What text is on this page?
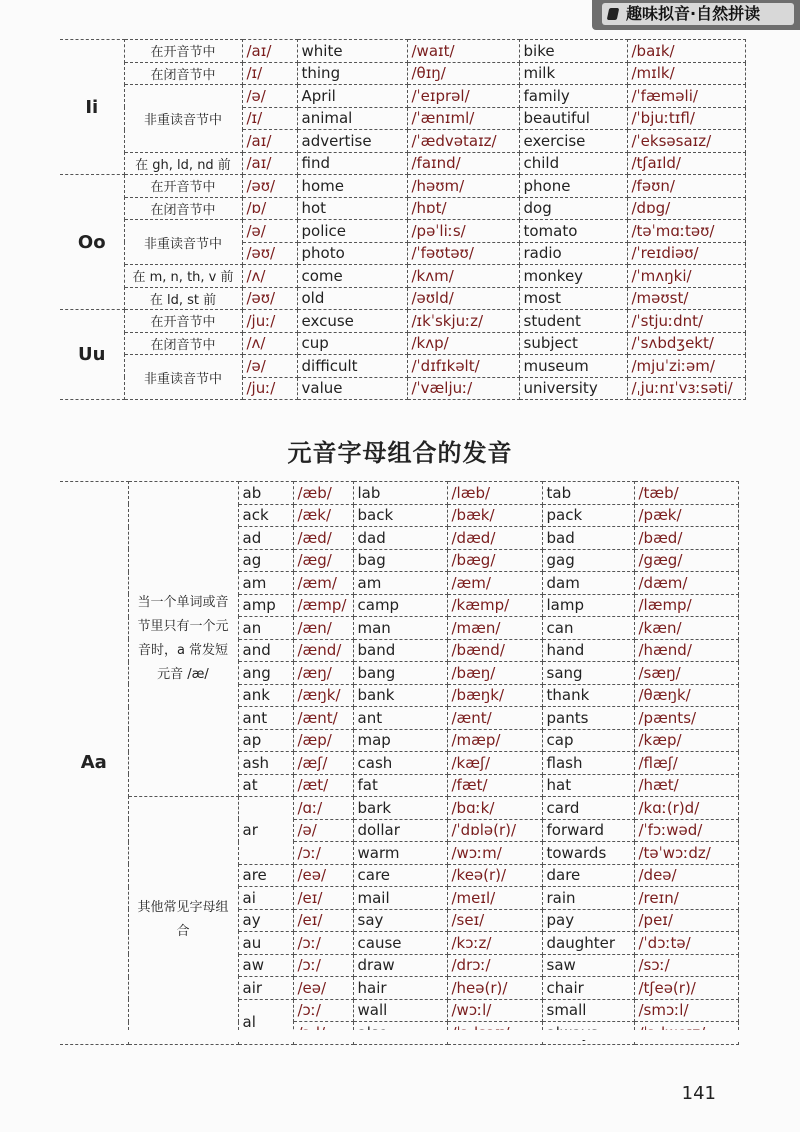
趣味拟音·自然拼读
Ii	在开音节中	/aɪ/	white	/waɪt/	bike	/baɪk/
	在闭音节中	/ɪ/	thing	/θɪŋ/	milk	/mɪlk/
	非重读音节中	/ə/	April	/ˈeɪprəl/	family	/ˈfæməli/
		/ɪ/	animal	/ˈænɪml/	beautiful	/ˈbjuːtɪfl/
		/aɪ/	advertise	/ˈædvətaɪz/	exercise	/ˈeksəsaɪz/
	在 gh, ld, nd 前	/aɪ/	find	/faɪnd/	child	/tʃaɪld/
Oo	在开音节中	/əʊ/	home	/həʊm/	phone	/fəʊn/
	在闭音节中	/ɒ/	hot	/hɒt/	dog	/dɒg/
	非重读音节中	/ə/	police	/pəˈliːs/	tomato	/təˈmɑːtəʊ/
		/əʊ/	photo	/ˈfəʊtəʊ/	radio	/ˈreɪdiəʊ/
	在 m, n, th, v 前	/ʌ/	come	/kʌm/	monkey	/ˈmʌŋki/
	在 ld, st 前	/əʊ/	old	/əʊld/	most	/məʊst/
Uu	在开音节中	/juː/	excuse	/ɪkˈskjuːz/	student	/ˈstjuːdnt/
	在闭音节中	/ʌ/	cup	/kʌp/	subject	/ˈsʌbdʒekt/
	非重读音节中	/ə/	difficult	/ˈdɪfɪkəlt/	museum	/mjuˈziːəm/
		/juː/	value	/ˈvæljuː/	university	/ˌjuːnɪˈvɜːsəti/
元音字母组合的发音
Aa	当一个单词或音节里只有一个元音时，a 常发短元音 /æ/	ab	/æb/	lab	/læb/	tab	/tæb/
		ack	/æk/	back	/bæk/	pack	/pæk/
		ad	/æd/	dad	/dæd/	bad	/bæd/
		ag	/æg/	bag	/bæg/	gag	/gæg/
		am	/æm/	am	/æm/	dam	/dæm/
		amp	/æmp/	camp	/kæmp/	lamp	/læmp/
		an	/æn/	man	/mæn/	can	/kæn/
		and	/ænd/	band	/bænd/	hand	/hænd/
		ang	/æŋ/	bang	/bæŋ/	sang	/sæŋ/
		ank	/æŋk/	bank	/bæŋk/	thank	/θæŋk/
		ant	/ænt/	ant	/ænt/	pants	/pænts/
		ap	/æp/	map	/mæp/	cap	/kæp/
		ash	/æʃ/	cash	/kæʃ/	flash	/flæʃ/
		at	/æt/	fat	/fæt/	hat	/hæt/
	其他常见字母组合	ar	/ɑː/	bark	/bɑːk/	card	/kɑː(r)d/
			/ə/	dollar	/ˈdɒlə(r)/	forward	/ˈfɔːwəd/
			/ɔː/	warm	/wɔːm/	towards	/təˈwɔːdz/
		are	/eə/	care	/keə(r)/	dare	/deə/
		ai	/eɪ/	mail	/meɪl/	rain	/reɪn/
		ay	/eɪ/	say	/seɪ/	pay	/peɪ/
		au	/ɔː/	cause	/kɔːz/	daughter	/ˈdɔːtə/
		aw	/ɔː/	draw	/drɔː/	saw	/sɔː/
		air	/eə/	hair	/heə(r)/	chair	/tʃeə(r)/
		al	/ɔː/	wall	/wɔːl/	small	/smɔːl/

141
